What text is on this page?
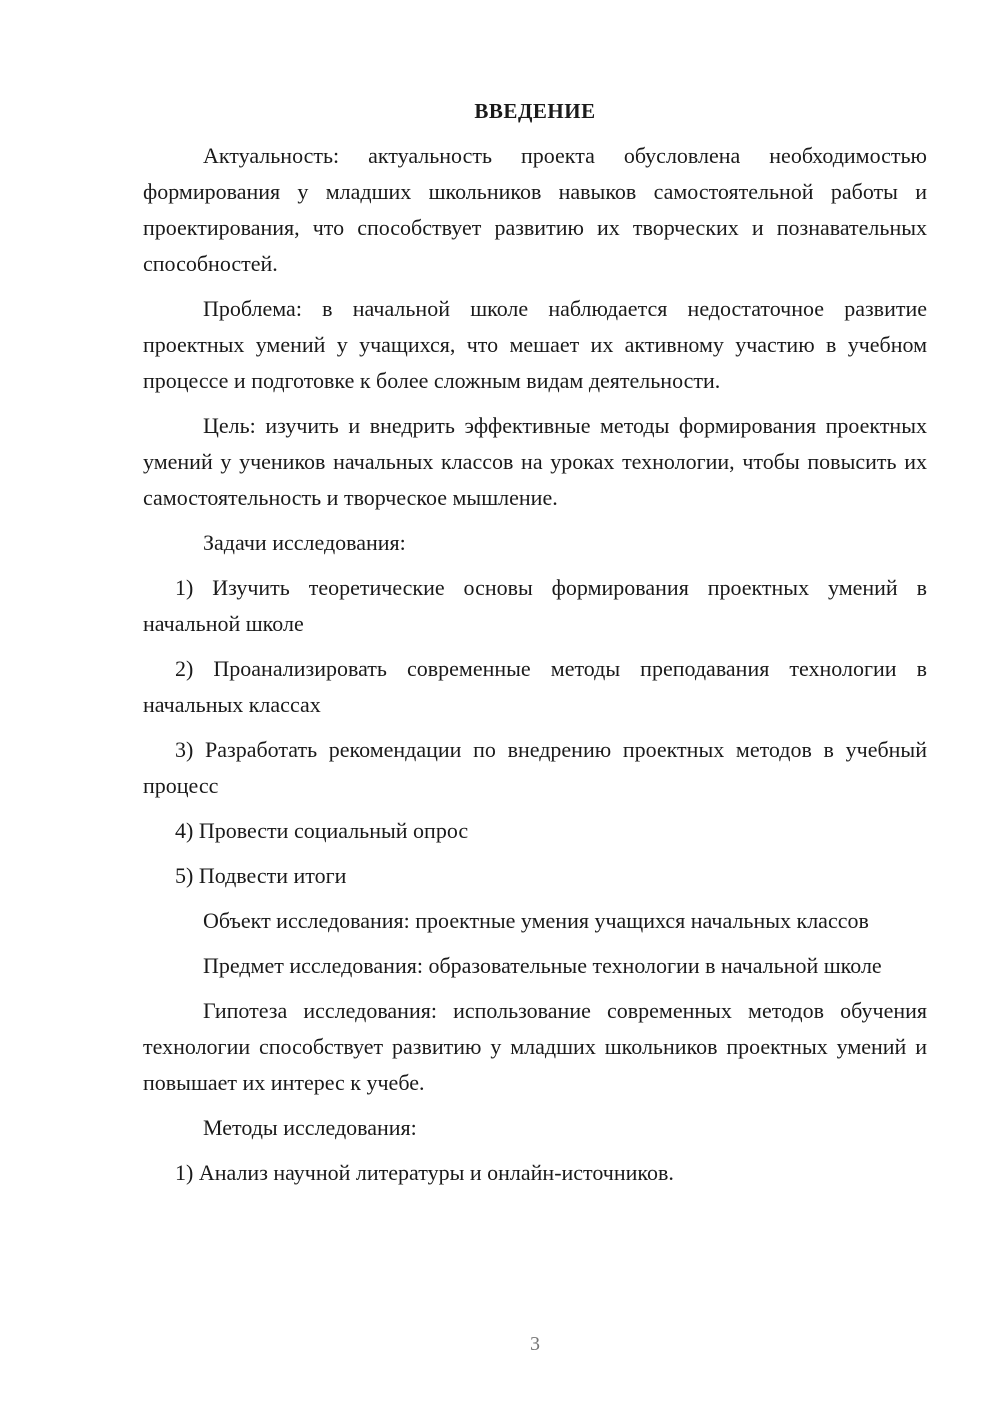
ВВЕДЕНИЕ

Актуальность: актуальность проекта обусловлена необходимостью формирования у младших школьников навыков самостоятельной работы и проектирования, что способствует развитию их творческих и познавательных способностей.

Проблема: в начальной школе наблюдается недостаточное развитие проектных умений у учащихся, что мешает их активному участию в учебном процессе и подготовке к более сложным видам деятельности.

Цель: изучить и внедрить эффективные методы формирования проектных умений у учеников начальных классов на уроках технологии, чтобы повысить их самостоятельность и творческое мышление.

Задачи исследования:

1) Изучить теоретические основы формирования проектных умений в начальной школе

2) Проанализировать современные методы преподавания технологии в начальных классах

3) Разработать рекомендации по внедрению проектных методов в учебный процесс

4) Провести социальный опрос

5) Подвести итоги

Объект исследования: проектные умения учащихся начальных классов

Предмет исследования: образовательные технологии в начальной школе

Гипотеза исследования: использование современных методов обучения технологии способствует развитию у младших школьников проектных умений и повышает их интерес к учебе.

Методы исследования:

1) Анализ научной литературы и онлайн-источников.

3
